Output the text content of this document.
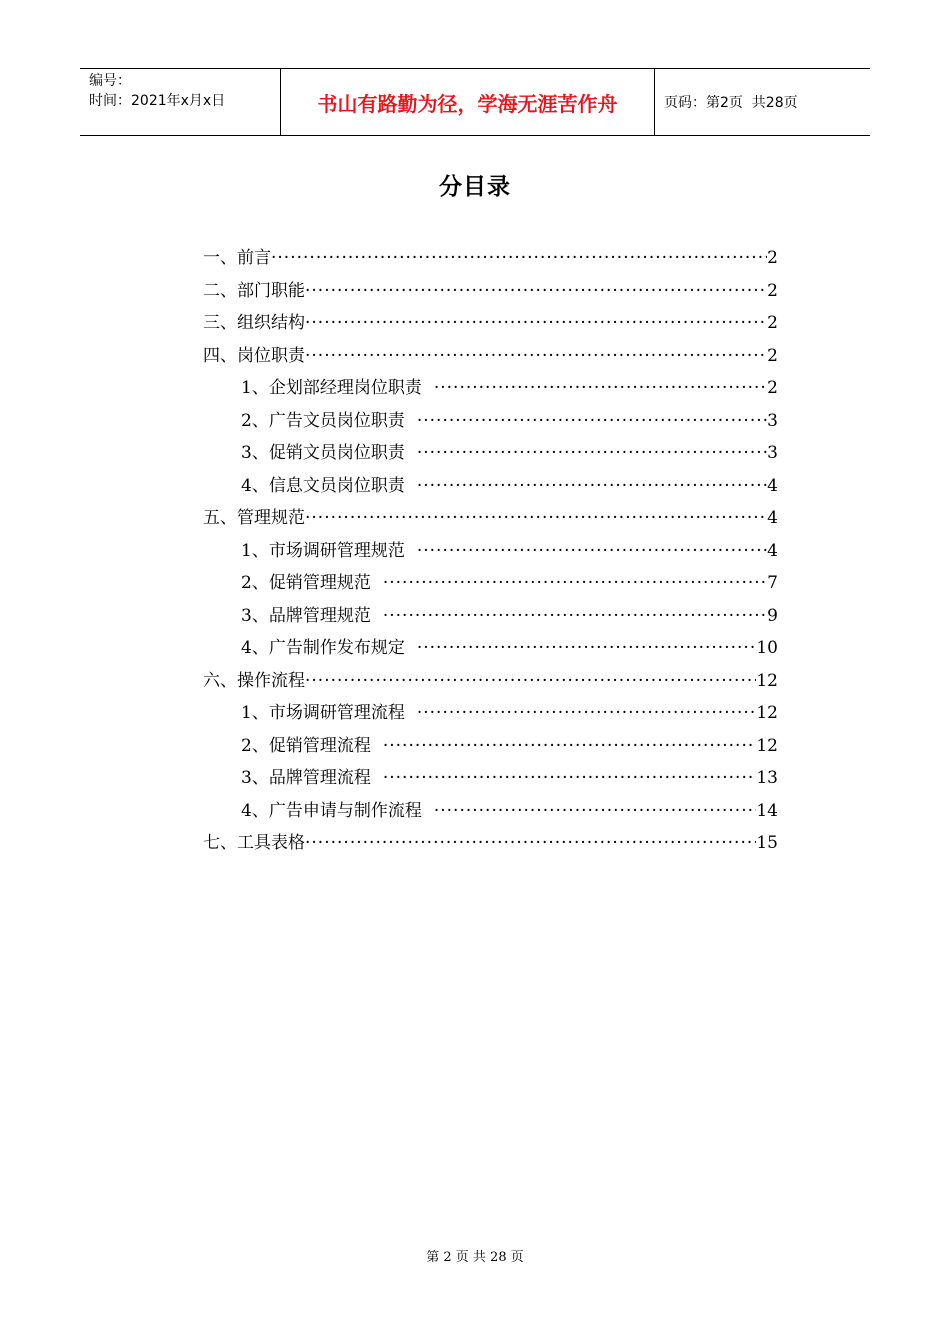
编号：
时间：2021年x月x日	书山有路勤为径，学海无涯苦作舟	页码：第2页  共28页
分目录
一、前言 ·····	2
二、部门职能 ·····	2
三、组织结构 ·····	2
四、岗位职责 ·····	2
1、企划部经理岗位职责 ·····	2
2、广告文员岗位职责 ·····	3
3、促销文员岗位职责 ·····	3
4、信息文员岗位职责 ·····	4
五、管理规范 ·····	4
1、市场调研管理规范 ·····	4
2、促销管理规范 ·····	7
3、品牌管理规范 ·····	9
4、广告制作发布规定 ·····	10
六、操作流程 ·····	12
1、市场调研管理流程 ·····	12
2、促销管理流程 ·····	12
3、品牌管理流程 ·····	13
4、广告申请与制作流程 ·····	14
七、工具表格 ·····	15
第 2 页 共 28 页
